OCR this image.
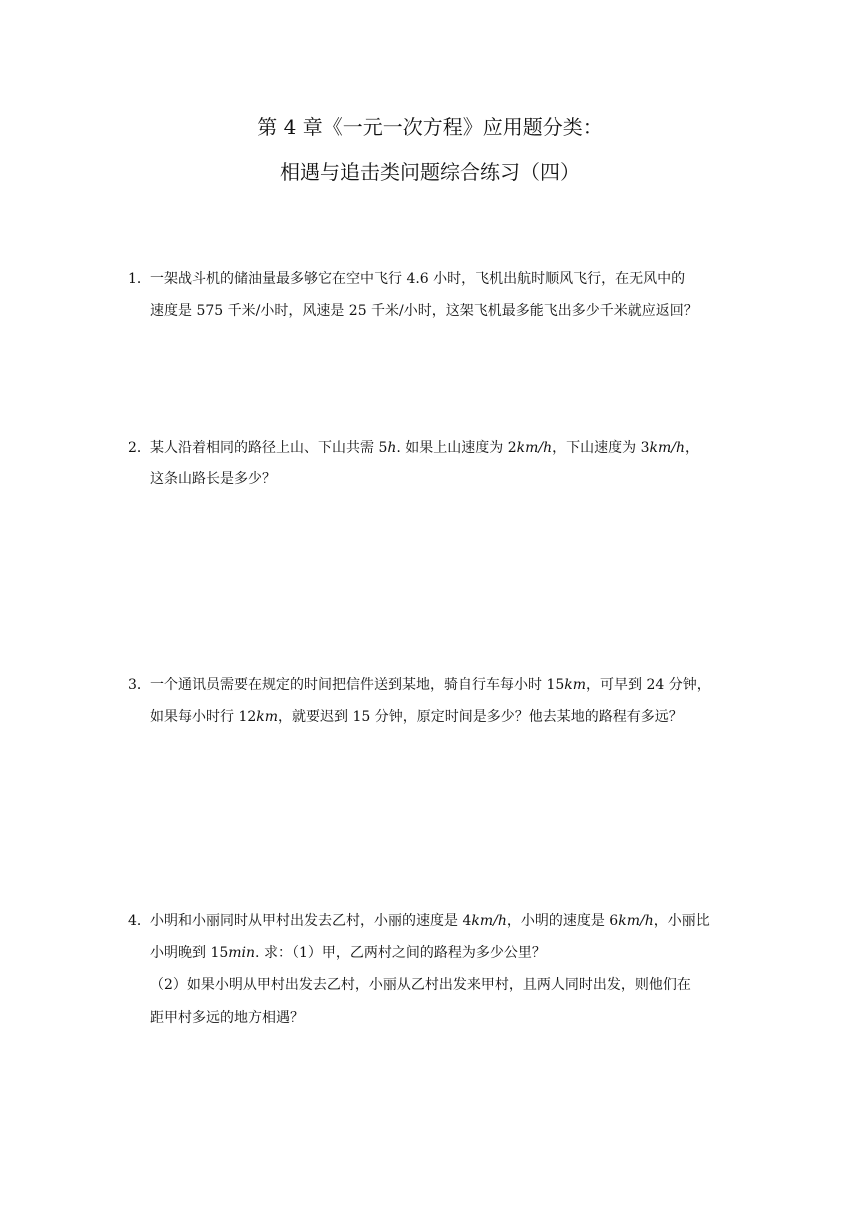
第 4 章《一元一次方程》应用题分类：
相遇与追击类问题综合练习（四）
1．一架战斗机的储油量最多够它在空中飞行 4.6 小时，飞机出航时顺风飞行，在无风中的
速度是 575 千米/小时，风速是 25 千米/小时，这架飞机最多能飞出多少千米就应返回？
2．某人沿着相同的路径上山、下山共需 5h. 如果上山速度为 2km/h，下山速度为 3km/h，
这条山路长是多少？
3．一个通讯员需要在规定的时间把信件送到某地，骑自行车每小时 15km，可早到 24 分钟，
如果每小时行 12km，就要迟到 15 分钟，原定时间是多少？他去某地的路程有多远？
4．小明和小丽同时从甲村出发去乙村，小丽的速度是 4km/h，小明的速度是 6km/h，小丽比
小明晚到 15min. 求：（1）甲，乙两村之间的路程为多少公里？
（2）如果小明从甲村出发去乙村，小丽从乙村出发来甲村，且两人同时出发，则他们在
距甲村多远的地方相遇？
